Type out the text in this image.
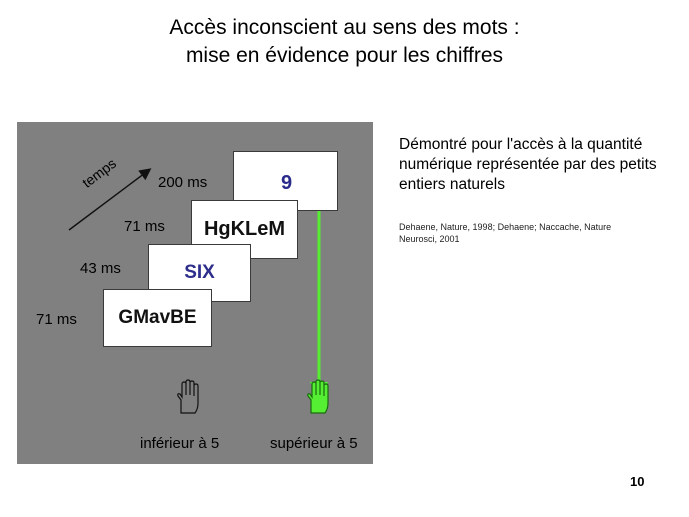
Accès inconscient au sens des mots :
mise en évidence pour les chiffres
temps	200 ms
71 ms
43 ms
71 ms
9
HgKLeM
SIX
GMavBE
inférieur à 5	supérieur à 5
Démontré pour l'accès à la quantité numérique représentée par des petits entiers naturels
Dehaene, Nature, 1998; Dehaene; Naccache, Nature Neurosci, 2001
10
